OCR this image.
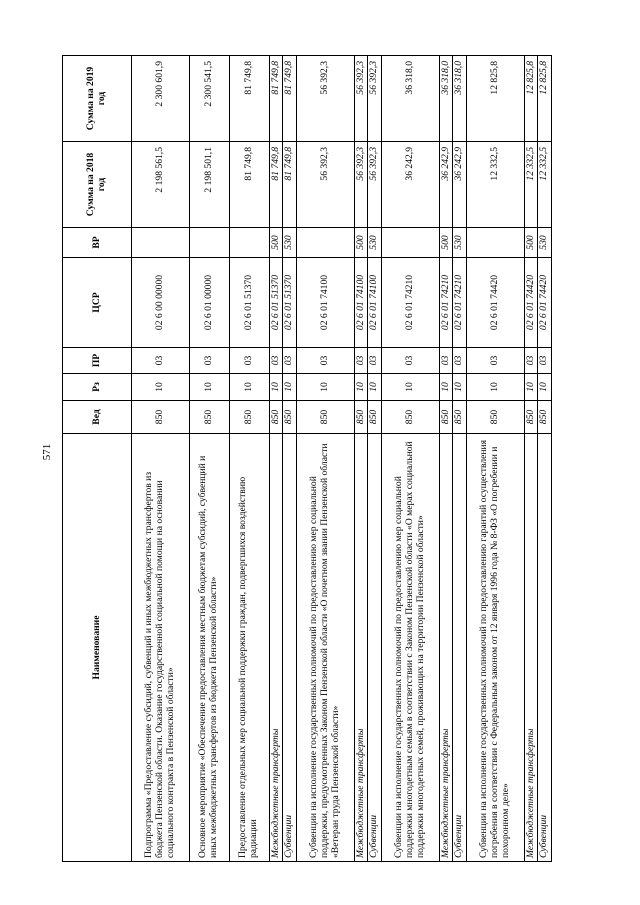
571
Наименование	Вед	Рз	ПР	ЦСР	ВР	Сумма на 2018 год	Сумма на 2019 год
Подпрограмма «Предоставление субсидий, субвенций и иных межбюджетных трансфертов из бюджета Пензенской области. Оказание государственной социальной помощи на основании социального контракта в Пензенской области»	850	10	03	02 6 00 00000		2 198 561,5	2 300 601,9
Основное мероприятие «Обеспечение предоставления местным бюджетам субсидий, субвенций и иных межбюджетных трансфертов из бюджета Пензенской области»	850	10	03	02 6 01 00000		2 198 501,1	2 300 541,5
Предоставление отдельных мер социальной поддержки граждан, подвергшихся воздействию радиации	850	10	03	02 6 01 51370		81 749,8	81 749,8
Межбюджетные трансферты	850	10	03	02 6 01 51370	500	81 749,8	81 749,8
Субвенции	850	10	03	02 6 01 51370	530	81 749,8	81 749,8
Субвенции на исполнение государственных полномочий по предоставлению мер социальной поддержки, предусмотренных Законом Пензенской области «О почетном звании Пензенской области «Ветеран труда Пензенской области»	850	10	03	02 6 01 74100		56 392,3	56 392,3
Межбюджетные трансферты	850	10	03	02 6 01 74100	500	56 392,3	56 392,3
Субвенции	850	10	03	02 6 01 74100	530	56 392,3	56 392,3
Субвенции на исполнение государственных полномочий по предоставлению мер социальной поддержки многодетным семьям в соответствии с Законом Пензенской области «О мерах социальной поддержки многодетных семей, проживающих на территории Пензенской области»	850	10	03	02 6 01 74210		36 242,9	36 318,0
Межбюджетные трансферты	850	10	03	02 6 01 74210	500	36 242,9	36 318,0
Субвенции	850	10	03	02 6 01 74210	530	36 242,9	36 318,0
Субвенции на исполнение государственных полномочий по предоставлению гарантий осуществления погребения в соответствии с Федеральным законом от 12 января 1996 года № 8-ФЗ «О погребении и похоронном деле»	850	10	03	02 6 01 74420		12 332,5	12 825,8
Межбюджетные трансферты	850	10	03	02 6 01 74420	500	12 332,5	12 825,8
Субвенции	850	10	03	02 6 01 74420	530	12 332,5	12 825,8
